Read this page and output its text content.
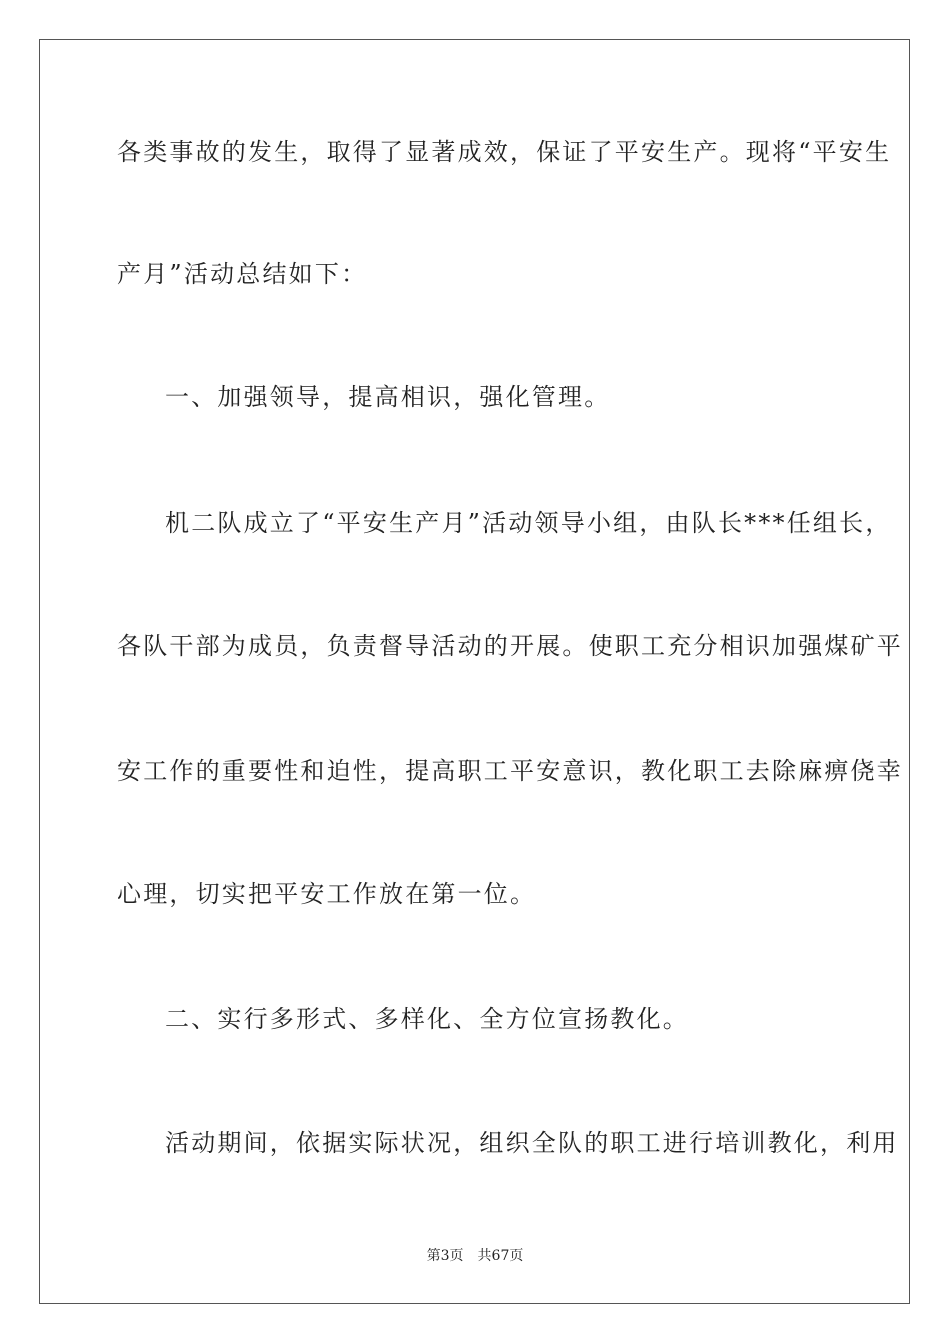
各类事故的发生，取得了显著成效，保证了平安生产。现将“平安生
产月”活动总结如下：
一、加强领导，提高相识，强化管理。
机二队成立了“平安生产月”活动领导小组，由队长***任组长，
各队干部为成员，负责督导活动的开展。使职工充分相识加强煤矿平
安工作的重要性和迫性，提高职工平安意识，教化职工去除麻痹侥幸
心理，切实把平安工作放在第一位。
二、实行多形式、多样化、全方位宣扬教化。
活动期间，依据实际状况，组织全队的职工进行培训教化，利用
第3页 共67页
